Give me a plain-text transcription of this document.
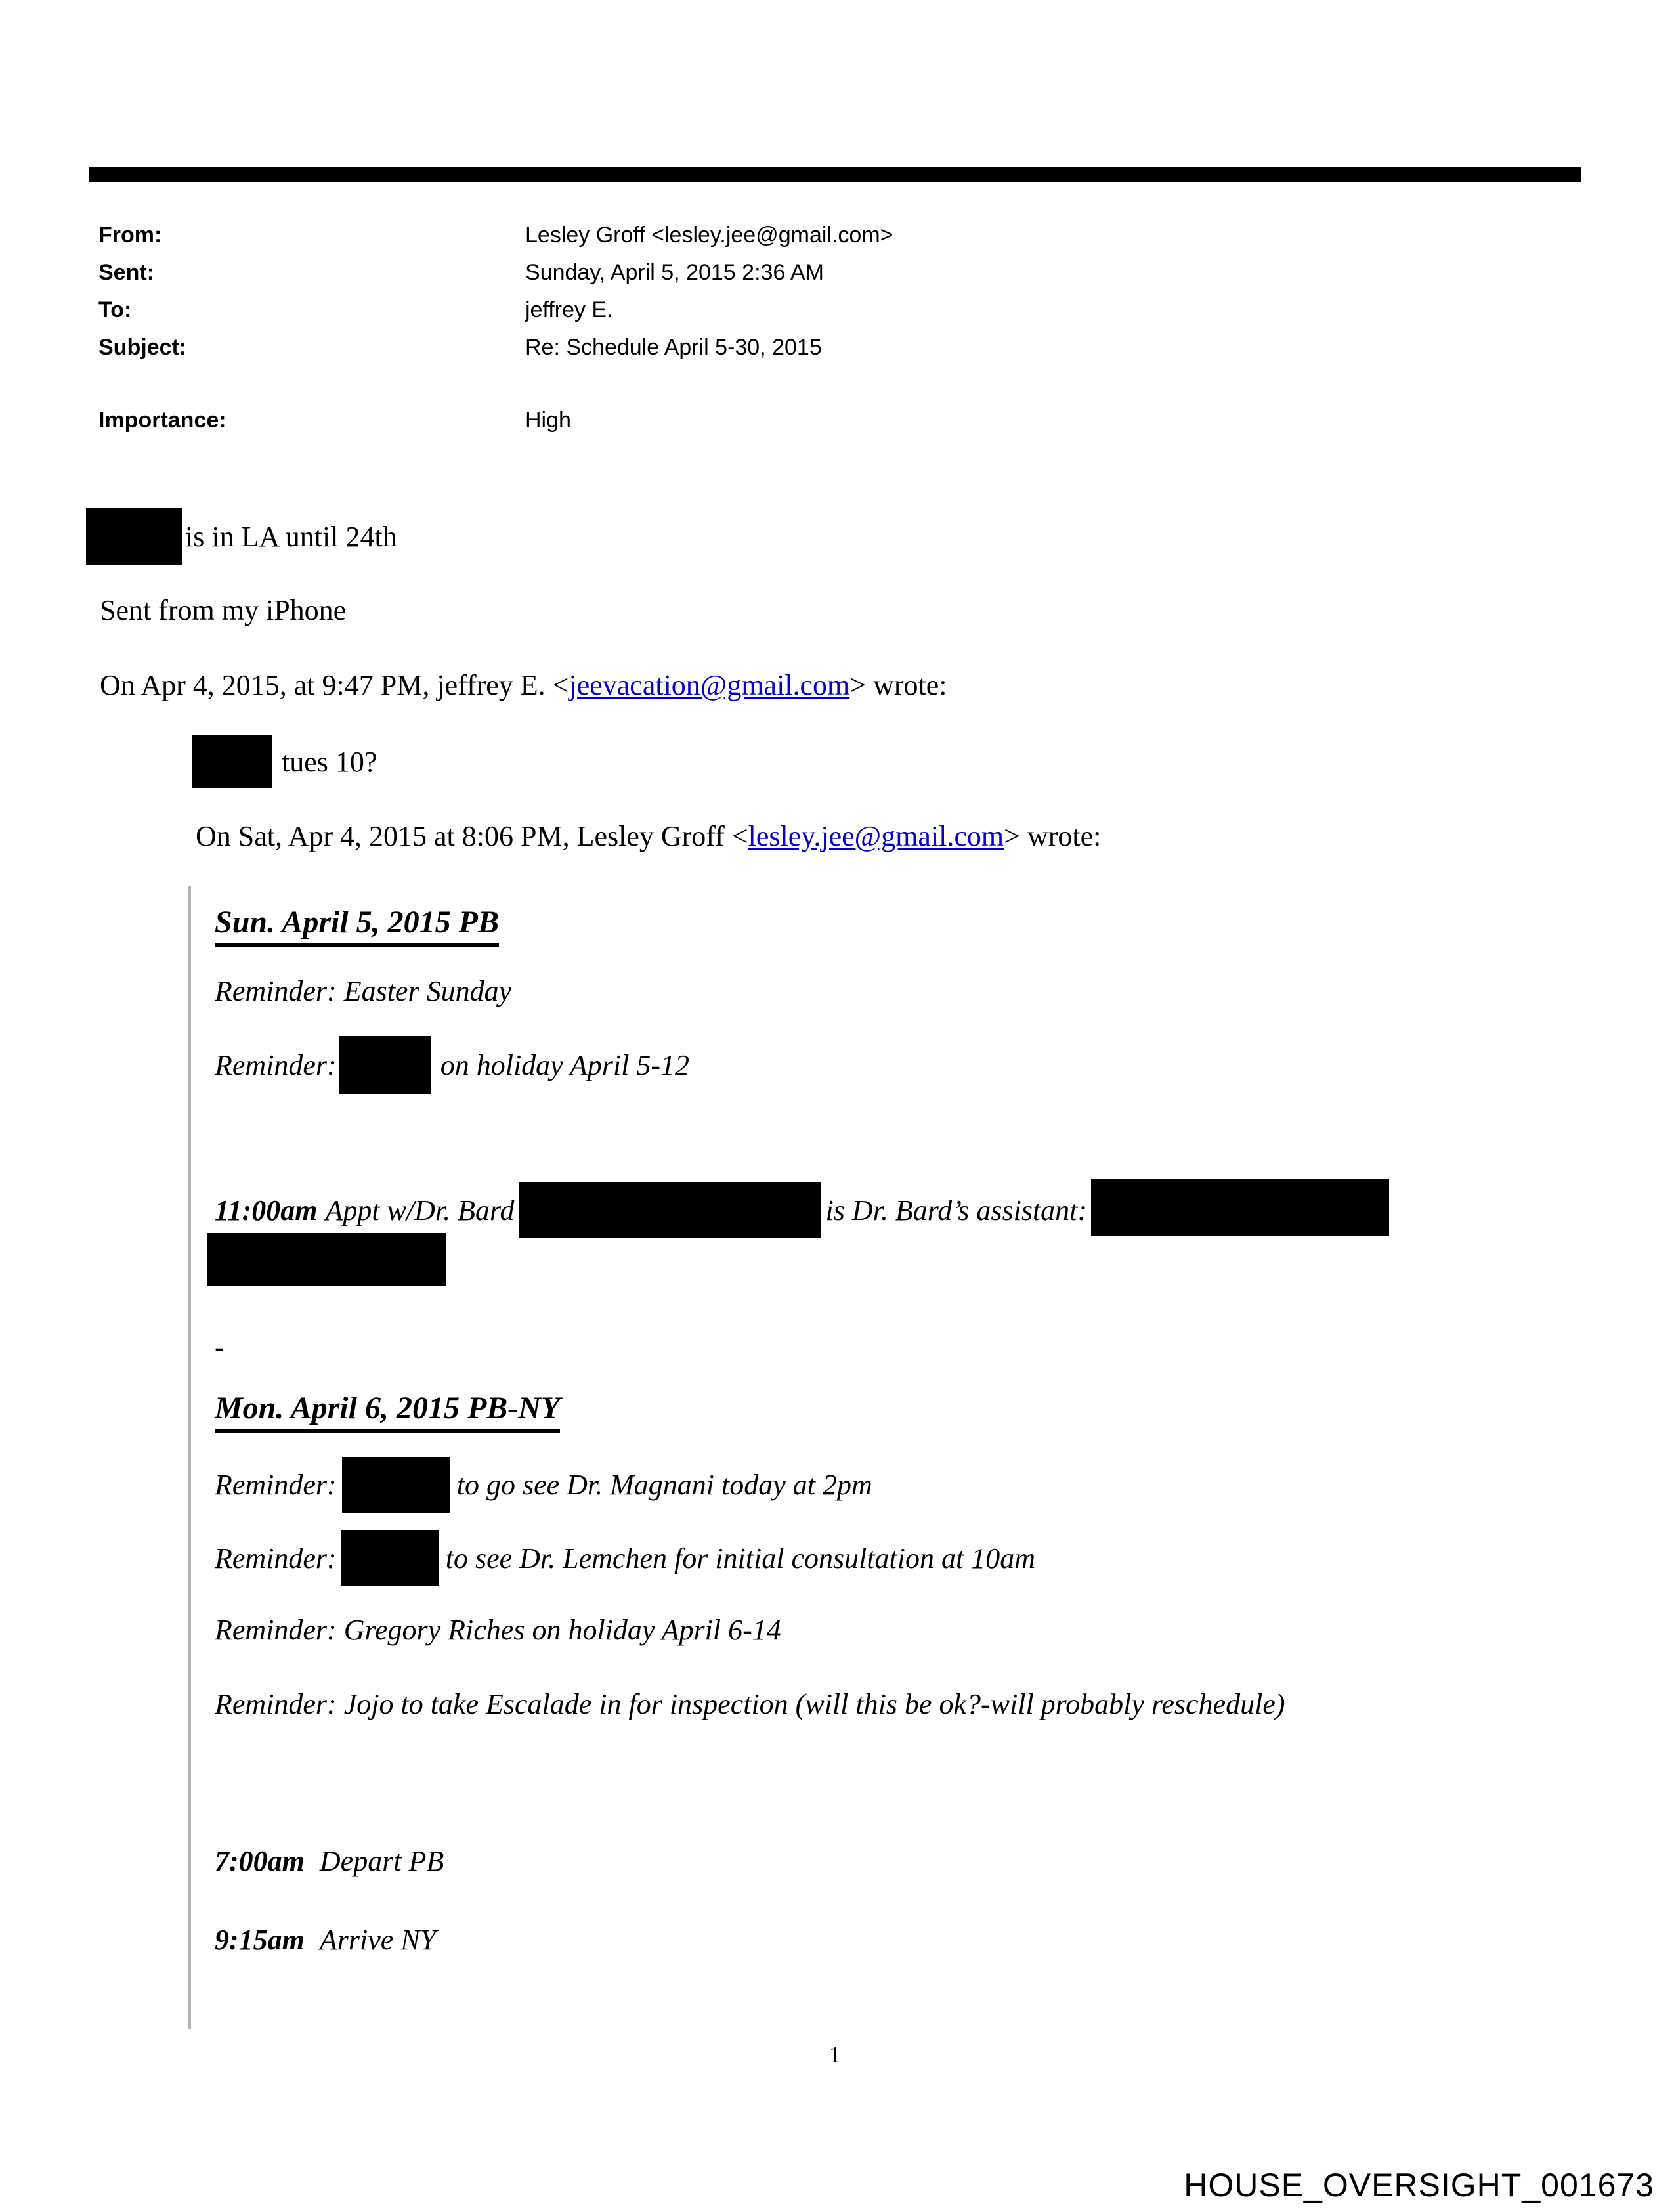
From:	Lesley Groff <lesley.jee@gmail.com>
Sent:	Sunday, April 5, 2015 2:36 AM
To:	jeffrey E.
Subject:	Re: Schedule April 5-30, 2015
Importance:	High
is in LA until 24th
Sent from my iPhone
On Apr 4, 2015, at 9:47 PM, jeffrey E. <jeevacation@gmail.com> wrote:
tues 10?
On Sat, Apr 4, 2015 at 8:06 PM, Lesley Groff <lesley.jee@gmail.com> wrote:
Sun. April 5, 2015 PB
Reminder: Easter Sunday
Reminder:	on holiday April 5-12
11:00am Appt w/Dr. Bard	is Dr. Bard’s assistant:
-
Mon. April 6, 2015 PB-NY
Reminder:	to go see Dr. Magnani today at 2pm
Reminder:	to see Dr. Lemchen for initial consultation at 10am
Reminder: Gregory Riches on holiday April 6-14
Reminder: Jojo to take Escalade in for inspection (will this be ok?-will probably reschedule)
7:00am Depart PB
9:15am Arrive NY
1
HOUSE_OVERSIGHT_001673
